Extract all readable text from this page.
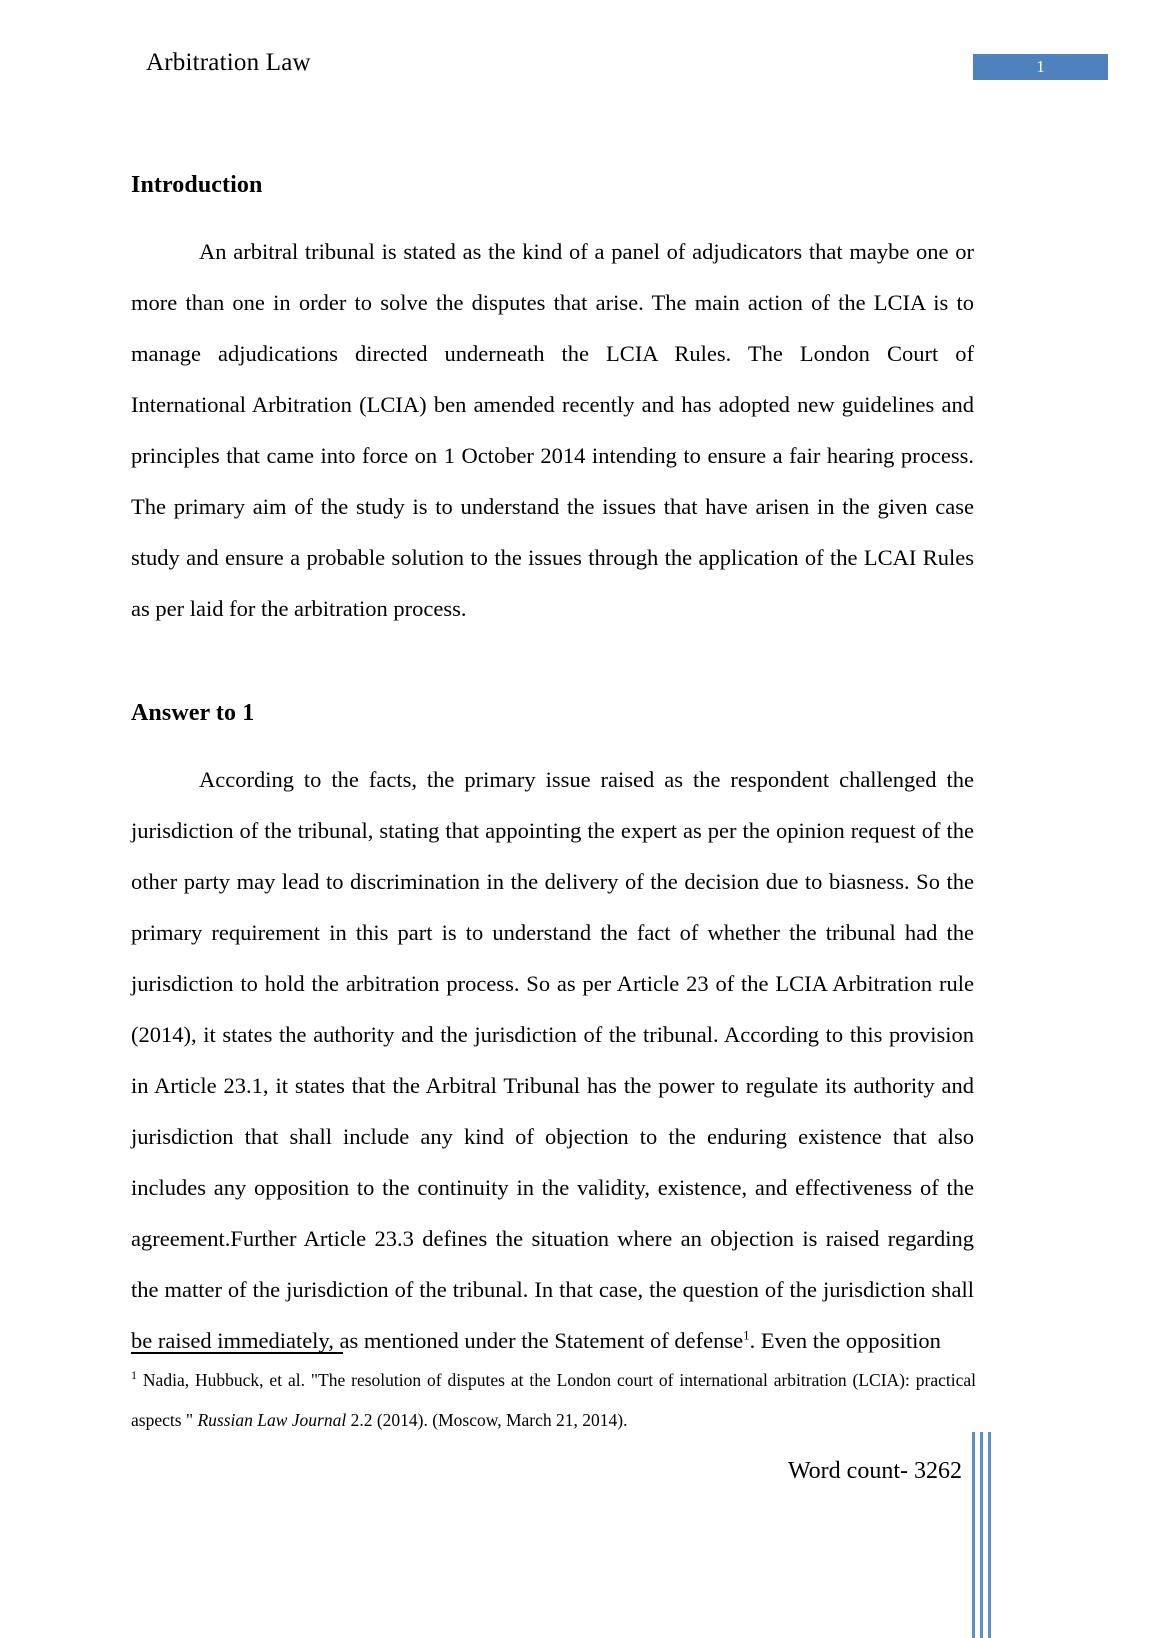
Arbitration Law	1
Introduction

An arbitral tribunal is stated as the kind of a panel of adjudicators that maybe one or more than one in order to solve the disputes that arise. The main action of the LCIA is to manage adjudications directed underneath the LCIA Rules. The London Court of International Arbitration (LCIA) ben amended recently and has adopted new guidelines and principles that came into force on 1 October 2014 intending to ensure a fair hearing process. The primary aim of the study is to understand the issues that have arisen in the given case study and ensure a probable solution to the issues through the application of the LCAI Rules as per laid for the arbitration process.

Answer to 1

According to the facts, the primary issue raised as the respondent challenged the jurisdiction of the tribunal, stating that appointing the expert as per the opinion request of the other party may lead to discrimination in the delivery of the decision due to biasness. So the primary requirement in this part is to understand the fact of whether the tribunal had the jurisdiction to hold the arbitration process. So as per Article 23 of the LCIA Arbitration rule (2014), it states the authority and the jurisdiction of the tribunal. According to this provision in Article 23.1, it states that the Arbitral Tribunal has the power to regulate its authority and jurisdiction that shall include any kind of objection to the enduring existence that also includes any opposition to the continuity in the validity, existence, and effectiveness of the agreement.Further Article 23.3 defines the situation where an objection is raised regarding the matter of the jurisdiction of the tribunal. In that case, the question of the jurisdiction shall be raised immediately, as mentioned under the Statement of defense$^1$. Even the opposition

$^1$ Nadia, Hubbuck, et al. "The resolution of disputes at the London court of international arbitration (LCIA): practical aspects " Russian Law Journal 2.2 (2014). (Moscow, March 21, 2014).

Word count- 3262
